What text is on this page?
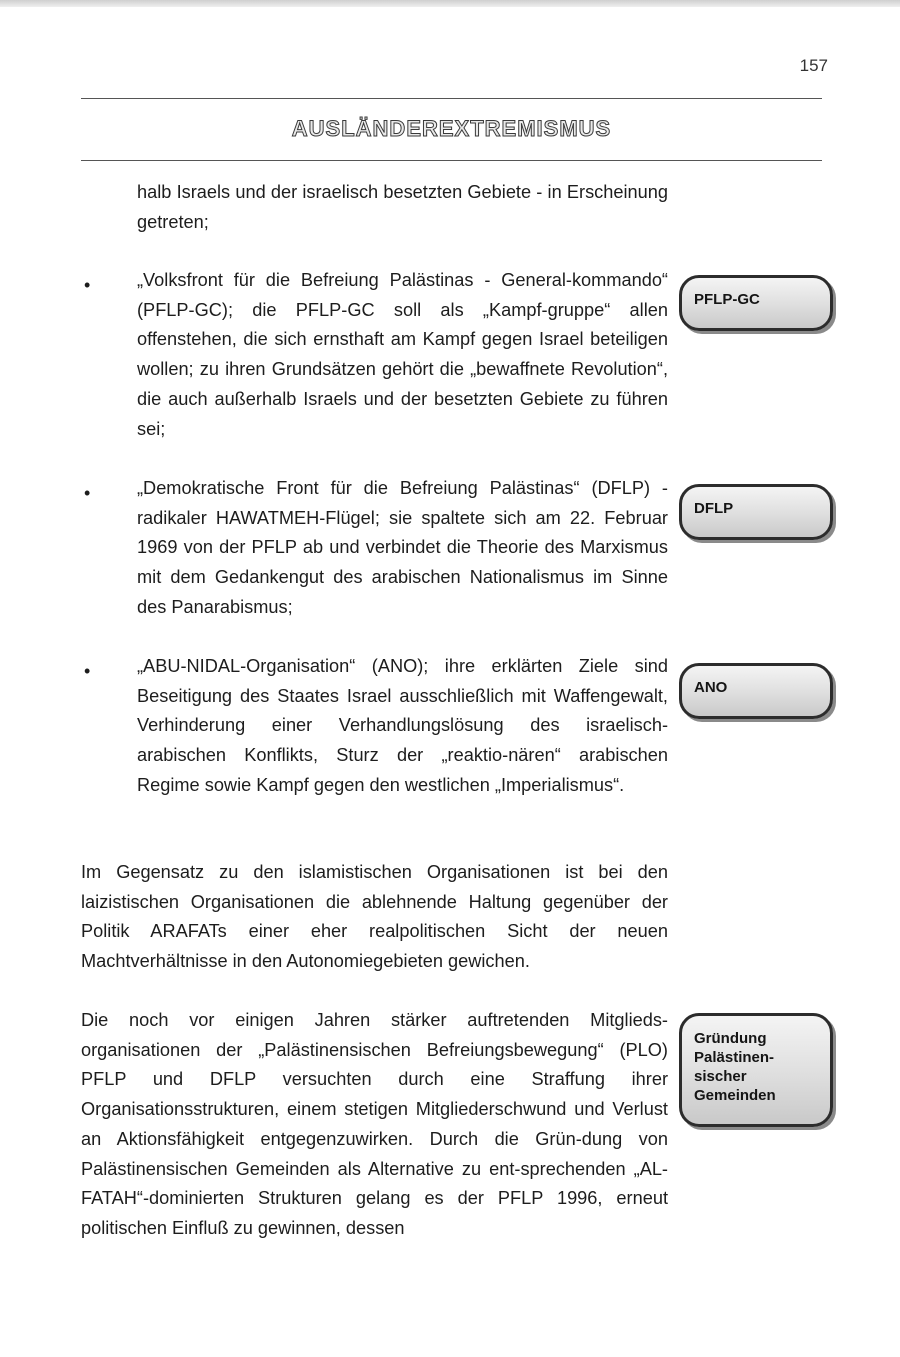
157
AUSLÄNDEREXTREMISMUS

halb Israels und der israelisch besetzten Gebiete - in Erscheinung getreten;

•	„Volksfront für die Befreiung Palästinas - General-kommando“ (PFLP-GC); die PFLP-GC soll als „Kampf-gruppe“ allen offenstehen, die sich ernsthaft am Kampf gegen Israel beteiligen wollen; zu ihren Grundsätzen gehört die „bewaffnete Revolution“, die auch außerhalb Israels und der besetzten Gebiete zu führen sei;

•	„Demokratische Front für die Befreiung Palästinas“ (DFLP) - radikaler HAWATMEH-Flügel; sie spaltete sich am 22. Februar 1969 von der PFLP ab und verbindet die Theorie des Marxismus mit dem Gedankengut des arabischen Nationalismus im Sinne des Panarabismus;

•	„ABU-NIDAL-Organisation“ (ANO); ihre erklärten Ziele sind Beseitigung des Staates Israel ausschließlich mit Waffengewalt, Verhinderung einer Verhandlungslösung des israelisch-arabischen Konflikts, Sturz der „reaktio-nären“ arabischen Regime sowie Kampf gegen den westlichen „Imperialismus“.

Im Gegensatz zu den islamistischen Organisationen ist bei den laizistischen Organisationen die ablehnende Haltung gegenüber der Politik ARAFATs einer eher realpolitischen Sicht der neuen Machtverhältnisse in den Autonomiegebieten gewichen.

Die noch vor einigen Jahren stärker auftretenden Mitglieds-organisationen der „Palästinensischen Befreiungsbewegung“ (PLO) PFLP und DFLP versuchten durch eine Straffung ihrer Organisationsstrukturen, einem stetigen Mitgliederschwund und Verlust an Aktionsfähigkeit entgegenzuwirken. Durch die Grün-dung von Palästinensischen Gemeinden als Alternative zu ent-sprechenden „AL-FATAH“-dominierten Strukturen gelang es der PFLP 1996, erneut politischen Einfluß zu gewinnen, dessen

PFLP-GC
DFLP
ANO
Gründung
Palästinen-
sischer
Gemeinden
